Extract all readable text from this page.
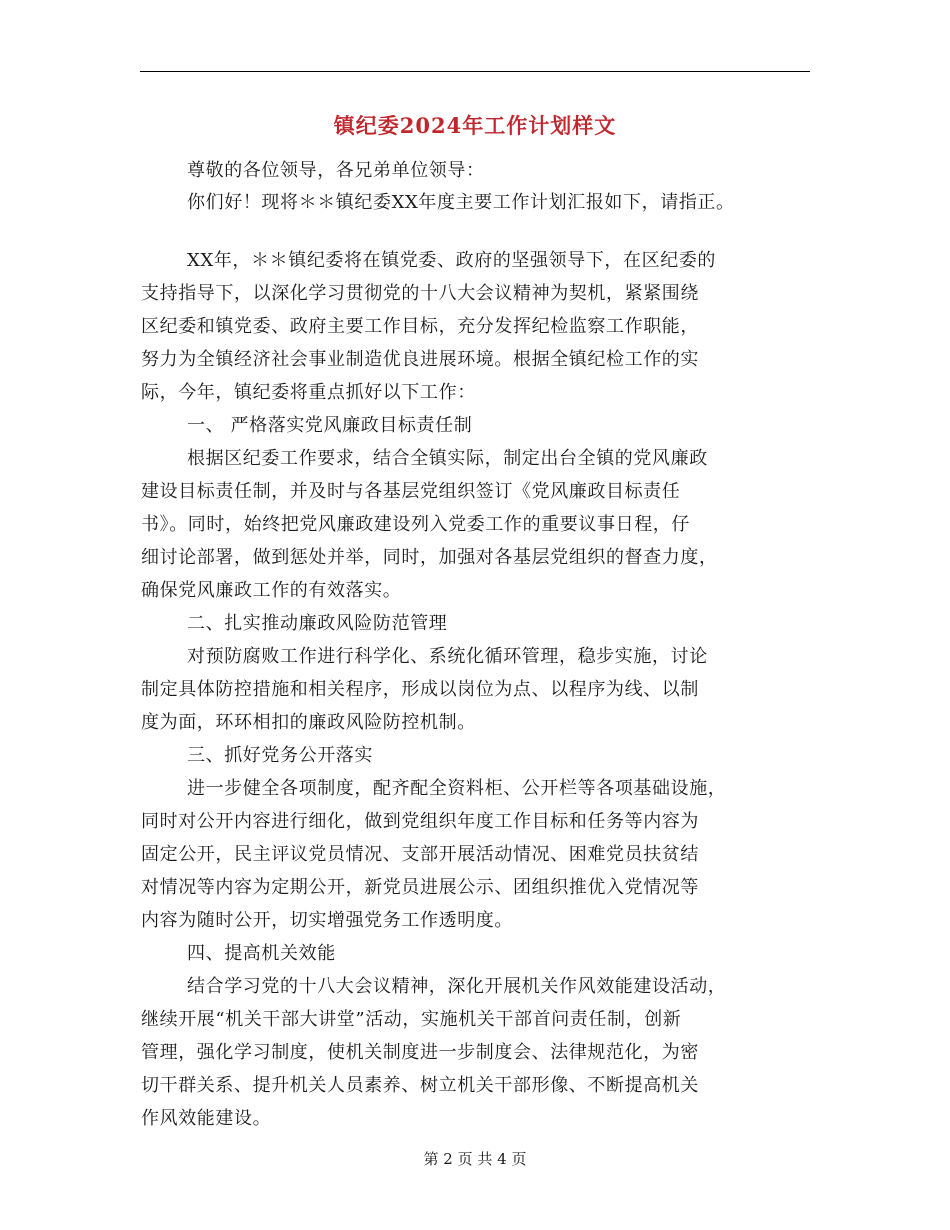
镇纪委2024年工作计划样文
尊敬的各位领导，各兄弟单位领导：
你们好！现将＊＊镇纪委XX年度主要工作计划汇报如下，请指正。
XX年，＊＊镇纪委将在镇党委、政府的坚强领导下，在区纪委的
支持指导下，以深化学习贯彻党的十八大会议精神为契机，紧紧围绕
区纪委和镇党委、政府主要工作目标，充分发挥纪检监察工作职能，
努力为全镇经济社会事业制造优良进展环境。根据全镇纪检工作的实
际，今年，镇纪委将重点抓好以下工作：
一、 严格落实党风廉政目标责任制
根据区纪委工作要求，结合全镇实际，制定出台全镇的党风廉政
建设目标责任制，并及时与各基层党组织签订《党风廉政目标责任
书》。同时，始终把党风廉政建设列入党委工作的重要议事日程，仔
细讨论部署，做到惩处并举，同时，加强对各基层党组织的督查力度，
确保党风廉政工作的有效落实。
二、扎实推动廉政风险防范管理
对预防腐败工作进行科学化、系统化循环管理，稳步实施，讨论
制定具体防控措施和相关程序，形成以岗位为点、以程序为线、以制
度为面，环环相扣的廉政风险防控机制。
三、抓好党务公开落实
进一步健全各项制度，配齐配全资料柜、公开栏等各项基础设施，
同时对公开内容进行细化，做到党组织年度工作目标和任务等内容为
固定公开，民主评议党员情况、支部开展活动情况、困难党员扶贫结
对情况等内容为定期公开，新党员进展公示、团组织推优入党情况等
内容为随时公开，切实增强党务工作透明度。
四、提高机关效能
结合学习党的十八大会议精神，深化开展机关作风效能建设活动，
继续开展“机关干部大讲堂”活动，实施机关干部首问责任制，创新
管理，强化学习制度，使机关制度进一步制度会、法律规范化，为密
切干群关系、提升机关人员素养、树立机关干部形像、不断提高机关
作风效能建设。
第 2 页 共 4 页
